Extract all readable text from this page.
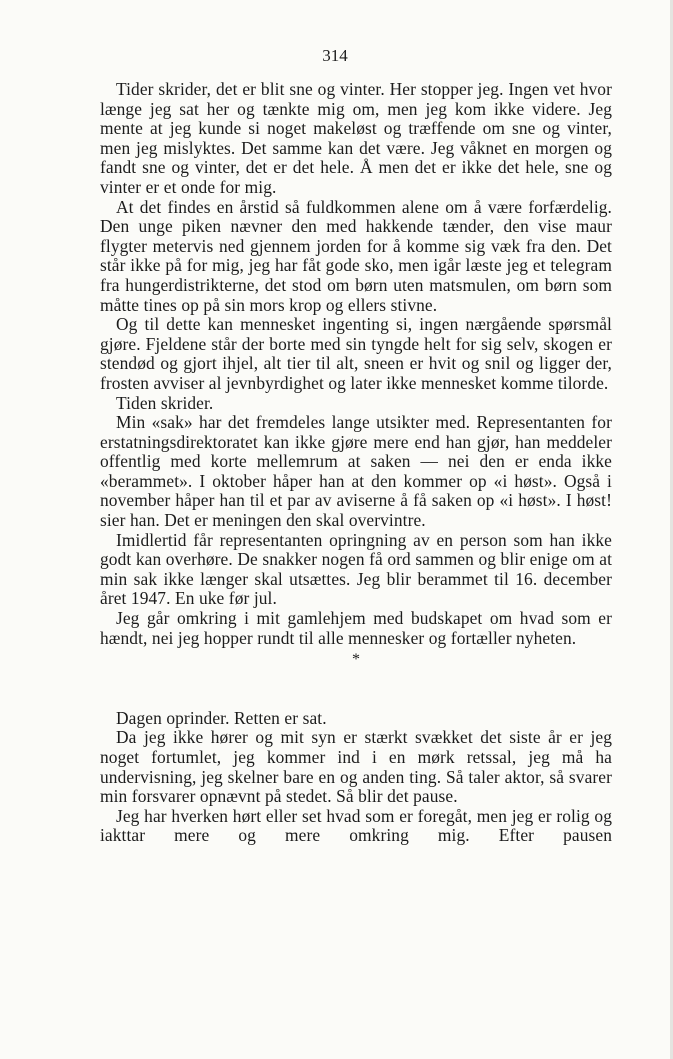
314

Tider skrider, det er blit sne og vinter. Her stopper jeg. Ingen vet hvor længe jeg sat her og tænkte mig om, men jeg kom ikke videre. Jeg mente at jeg kunde si noget makeløst og træffende om sne og vinter, men jeg mislyktes. Det samme kan det være. Jeg våknet en morgen og fandt sne og vinter, det er det hele. Å men det er ikke det hele, sne og vinter er et onde for mig.

At det findes en årstid så fuldkommen alene om å være forfærdelig. Den unge piken nævner den med hakkende tænder, den vise maur flygter metervis ned gjennem jorden for å komme sig væk fra den. Det står ikke på for mig, jeg har fåt gode sko, men igår læste jeg et telegram fra hungerdistrikterne, det stod om børn uten matsmulen, om børn som måtte tines op på sin mors krop og ellers stivne.

Og til dette kan mennesket ingenting si, ingen nærgående spørsmål gjøre. Fjeldene står der borte med sin tyngde helt for sig selv, skogen er stendød og gjort ihjel, alt tier til alt, sneen er hvit og snil og ligger der, frosten avviser al jevnbyrdighet og later ikke mennesket komme tilorde.

Tiden skrider.

Min «sak» har det fremdeles lange utsikter med. Representanten for erstatningsdirektoratet kan ikke gjøre mere end han gjør, han meddeler offentlig med korte mellemrum at saken — nei den er enda ikke «berammet». I oktober håper han at den kommer op «i høst». Også i november håper han til et par av aviserne å få saken op «i høst». I høst! sier han. Det er meningen den skal overvintre.

Imidlertid får representanten opringning av en person som han ikke godt kan overhøre. De snakker nogen få ord sammen og blir enige om at min sak ikke længer skal utsættes. Jeg blir berammet til 16. december året 1947. En uke før jul.

Jeg går omkring i mit gamlehjem med budskapet om hvad som er hændt, nei jeg hopper rundt til alle mennesker og fortæller nyheten.

*

Dagen oprinder. Retten er sat.

Da jeg ikke hører og mit syn er stærkt svækket det siste år er jeg noget fortumlet, jeg kommer ind i en mørk retssal, jeg må ha undervisning, jeg skelner bare en og anden ting. Så taler aktor, så svarer min forsvarer opnævnt på stedet. Så blir det pause.

Jeg har hverken hørt eller set hvad som er foregåt, men jeg er rolig og iakttar mere og mere omkring mig. Efter pausen
